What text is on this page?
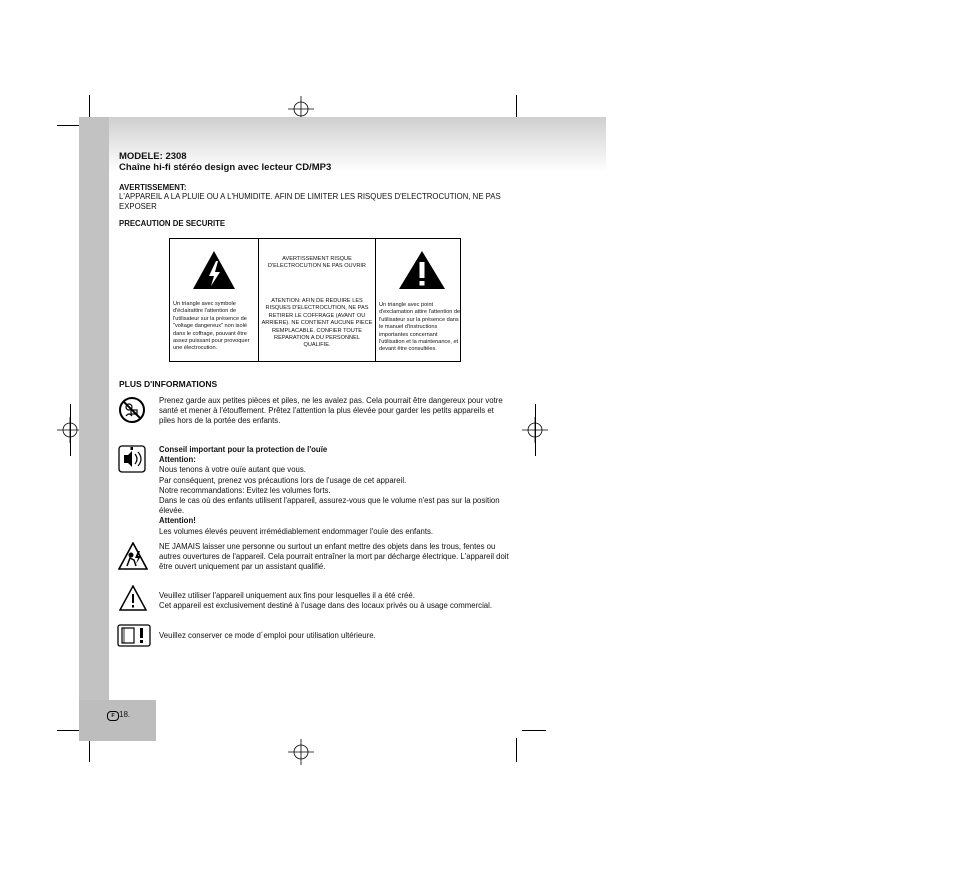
MODELE: 2308
Chaîne hi-fi stéréo design avec lecteur CD/MP3
AVERTISSEMENT:
L'APPAREIL A LA PLUIE OU A L'HUMIDITE. AFIN DE LIMITER LES RISQUES D'ELECTROCUTION, NE PAS EXPOSER
PRECAUTION DE SECURITE
Un triangle avec symbole d'éclairattire l'attention de l'utilisateur sur la présence de "voltage dangereux" non isolé dans le coffrage, pouvant être assez puissant pour provoquer une électrocution.
AVERTISSEMENT RISQUE D'ELECTROCUTION NE PAS OUVRIR
ATENTION: AFIN DE REDUIRE LES RISQUES D'ELECTROCUTION, NE PAS RETIRER LE COFFRAGE (AVANT OU ARRIERE). NE CONTIENT AUCUNE PIECE REMPLACABLE. CONFIER TOUTE REPARATION A DU PERSONNEL QUALIFIE.
Un triangle avec point d'exclamation attire l'attention de l'utilisateur sur la présence dans le manuel d'instructions importantes concernant l'utilisation et la maintenance, et devant être consultées.
PLUS D'INFORMATIONS
Prenez garde aux petites pièces et piles, ne les avalez pas. Cela pourrait être dangereux pour votre santé et mener à l'étouffement. Prêtez l'attention la plus élevée pour garder les petits appareils et piles hors de la portée des enfants.
Conseil important pour la protection de l'ouïe
Attention:
Nous tenons à votre ouïe autant que vous.
Par conséquent, prenez vos précautions lors de l'usage de cet appareil.
Notre recommandations: Evitez les volumes forts.
Dans le cas où des enfants utilisent l'appareil, assurez-vous que le volume n'est pas sur la position élevée.
Attention!
Les volumes élevés peuvent irrémédiablement endommager l'ouïe des enfants.
NE JAMAIS laisser une personne ou surtout un enfant mettre des objets dans les trous, fentes ou autres ouvertures de l'appareil. Cela pourrait entraîner la mort par décharge électrique. L'appareil doit être ouvert uniquement par un assistant qualifié.
Veuillez utiliser l'appareil uniquement aux fins pour lesquelles il a été créé.
Cet appareil est exclusivement destiné à l'usage dans des locaux privés ou à usage commercial.
Veuillez conserver ce mode d´emploi pour utilisation ultérieure.
F 18.
